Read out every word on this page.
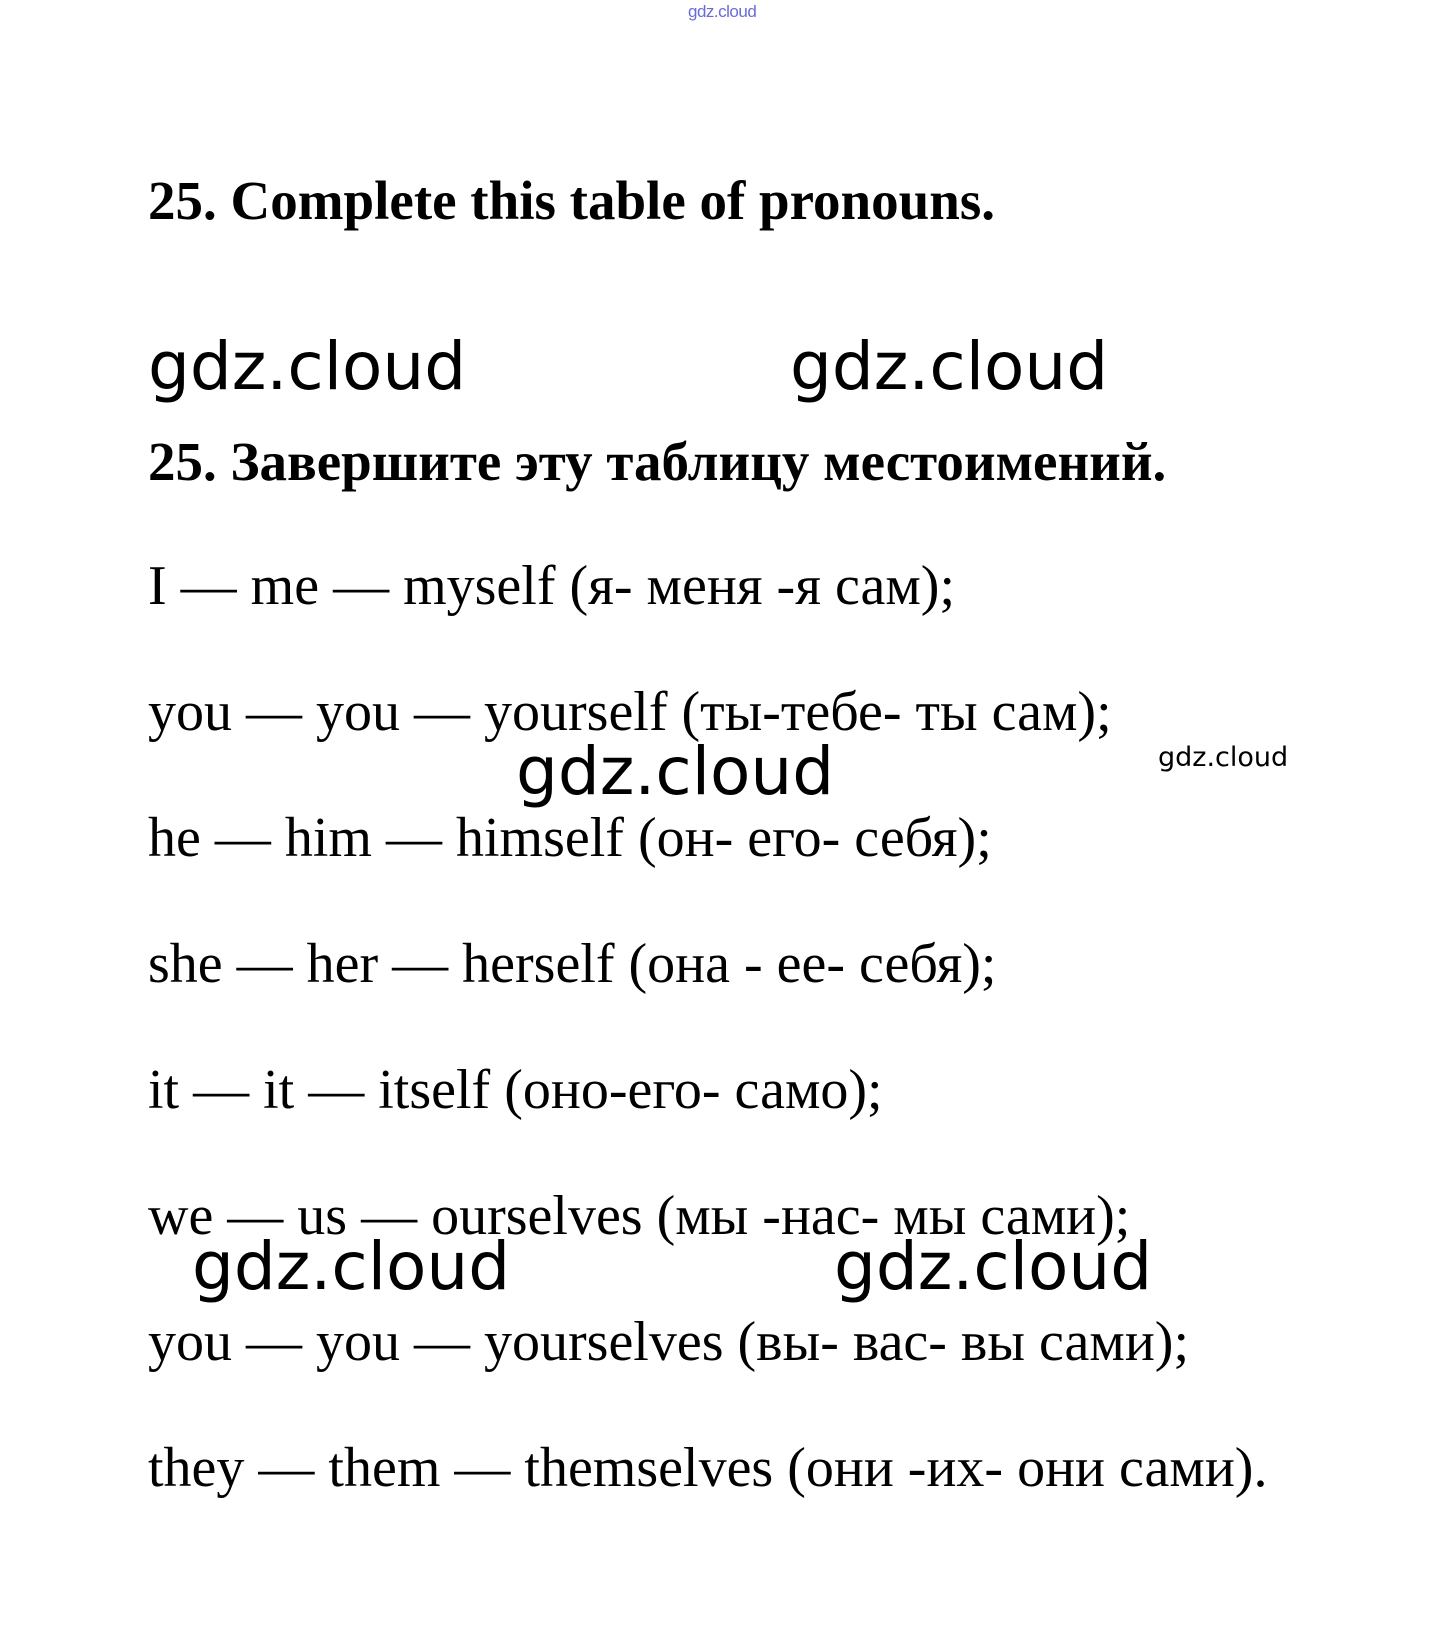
gdz.cloud
25. Complete this table of pronouns.
gdz.cloud	gdz.cloud
25. Завершите эту таблицу местоимений.
I — me — myself (я- меня -я сам);
you — you — yourself (ты-тебе- ты сам);
gdz.cloud	gdz.cloud
he — him — himself (он- его- себя);
she — her — herself (она - ее- себя);
it — it — itself (оно-его- само);
we — us — ourselves (мы -нас- мы сами);
gdz.cloud	gdz.cloud
you — you — yourselves (вы- вас- вы сами);
they — them — themselves (они -их- они сами).
